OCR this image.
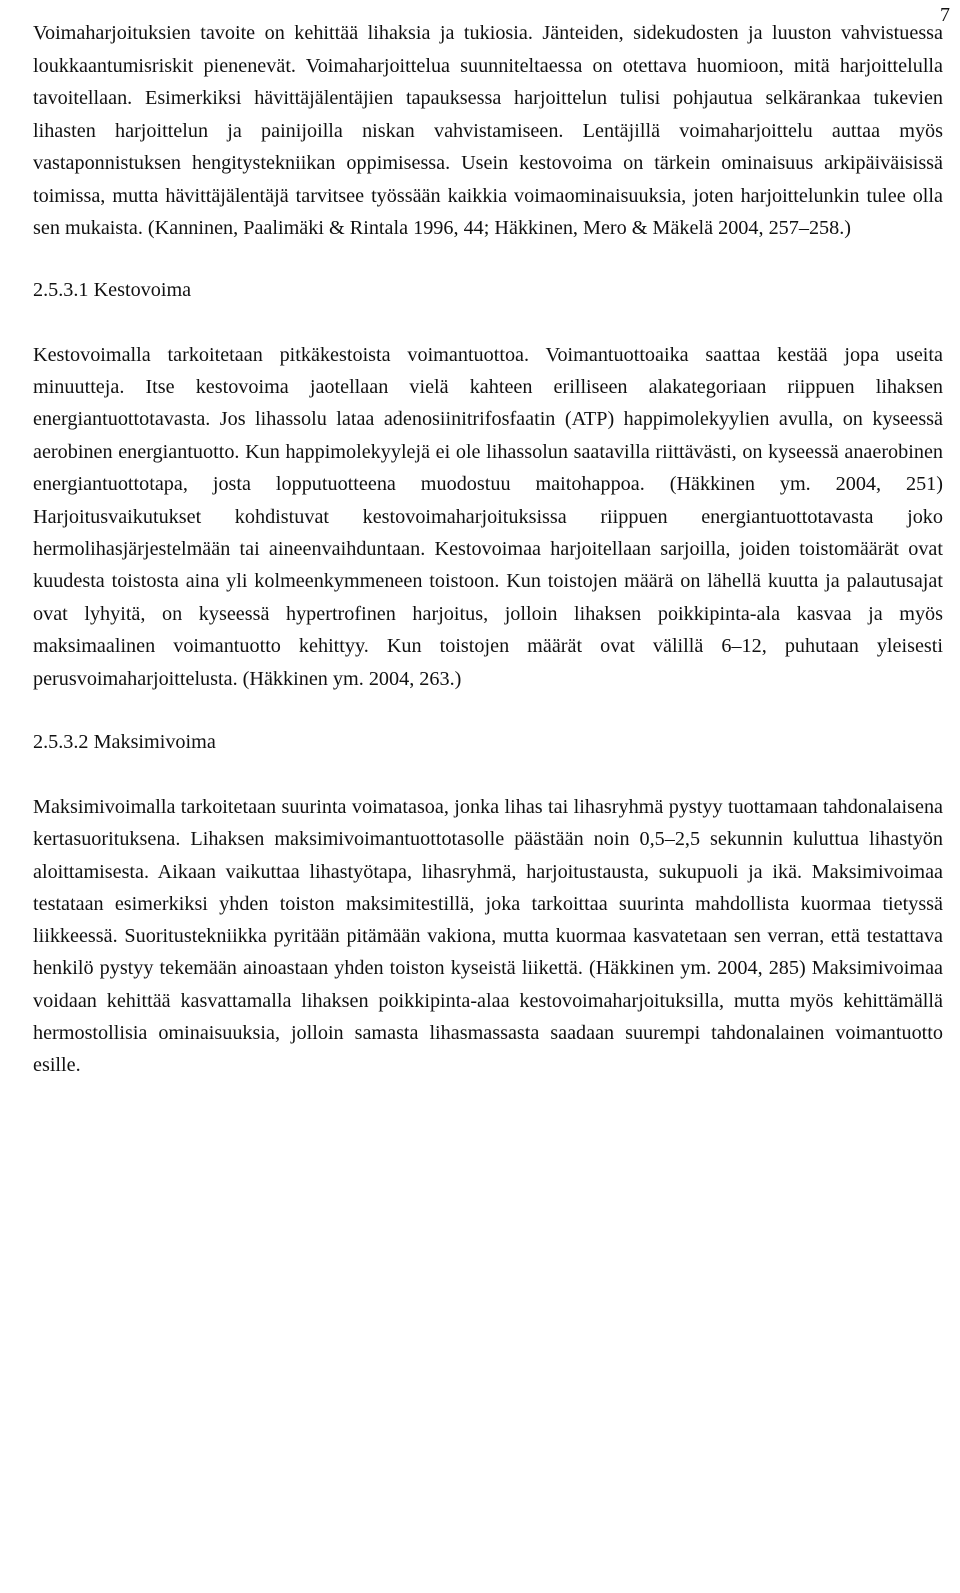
7

Voimaharjoituksien tavoite on kehittää lihaksia ja tukiosia. Jänteiden, sidekudosten ja luuston vahvistuessa loukkaantumisriskit pienenevät. Voimaharjoittelua suunniteltaessa on otettava huomioon, mitä harjoittelulla tavoitellaan. Esimerkiksi hävittäjälentäjien tapauksessa harjoittelun tulisi pohjautua selkärankaa tukevien lihasten harjoittelun ja painijoilla niskan vahvistamiseen. Lentäjillä voimaharjoittelu auttaa myös vastaponnistuksen hengitystekniikan oppimisessa. Usein kestovoima on tärkein ominaisuus arkipäiväisissä toimissa, mutta hävittäjälentäjä tarvitsee työssään kaikkia voimaominaisuuksia, joten harjoittelunkin tulee olla sen mukaista. (Kanninen, Paalimäki & Rintala 1996, 44; Häkkinen, Mero & Mäkelä 2004, 257–258.)

2.5.3.1 Kestovoima

Kestovoimalla tarkoitetaan pitkäkestoista voimantuottoa. Voimantuottoaika saattaa kestää jopa useita minuutteja. Itse kestovoima jaotellaan vielä kahteen erilliseen alakategoriaan riippuen lihaksen energiantuottotavasta. Jos lihassolu lataa adenosiinitrifosfaatin (ATP) happimolekyylien avulla, on kyseessä aerobinen energiantuotto. Kun happimolekyylejä ei ole lihassolun saatavilla riittävästi, on kyseessä anaerobinen energiantuottotapa, josta lopputuotteena muodostuu maitohappoa. (Häkkinen ym. 2004, 251) Harjoitusvaikutukset kohdistuvat kestovoimaharjoituksissa riippuen energiantuottotavasta joko hermolihasjärjestelmään tai aineenvaihduntaan. Kestovoimaa harjoitellaan sarjoilla, joiden toistomäärät ovat kuudesta toistosta aina yli kolmeenkymmeneen toistoon. Kun toistojen määrä on lähellä kuutta ja palautusajat ovat lyhyitä, on kyseessä hypertrofinen harjoitus, jolloin lihaksen poikkipinta-ala kasvaa ja myös maksimaalinen voimantuotto kehittyy. Kun toistojen määrät ovat välillä 6–12, puhutaan yleisesti perusvoimaharjoittelusta. (Häkkinen ym. 2004, 263.)

2.5.3.2 Maksimivoima

Maksimivoimalla tarkoitetaan suurinta voimatasoa, jonka lihas tai lihasryhmä pystyy tuottamaan tahdonalaisena kertasuorituksena. Lihaksen maksimivoimantuottotasolle päästään noin 0,5–2,5 sekunnin kuluttua lihastyön aloittamisesta. Aikaan vaikuttaa lihastyötapa, lihasryhmä, harjoitustausta, sukupuoli ja ikä. Maksimivoimaa testataan esimerkiksi yhden toiston maksimitestillä, joka tarkoittaa suurinta mahdollista kuormaa tietyssä liikkeessä. Suoritustekniikka pyritään pitämään vakiona, mutta kuormaa kasvatetaan sen verran, että testattava henkilö pystyy tekemään ainoastaan yhden toiston kyseistä liikettä. (Häkkinen ym. 2004, 285) Maksimivoimaa voidaan kehittää kasvattamalla lihaksen poikkipinta-alaa kestovoimaharjoituksilla, mutta myös kehittämällä hermostollisia ominaisuuksia, jolloin samasta lihasmassasta saadaan suurempi tahdonalainen voimantuotto esille.
